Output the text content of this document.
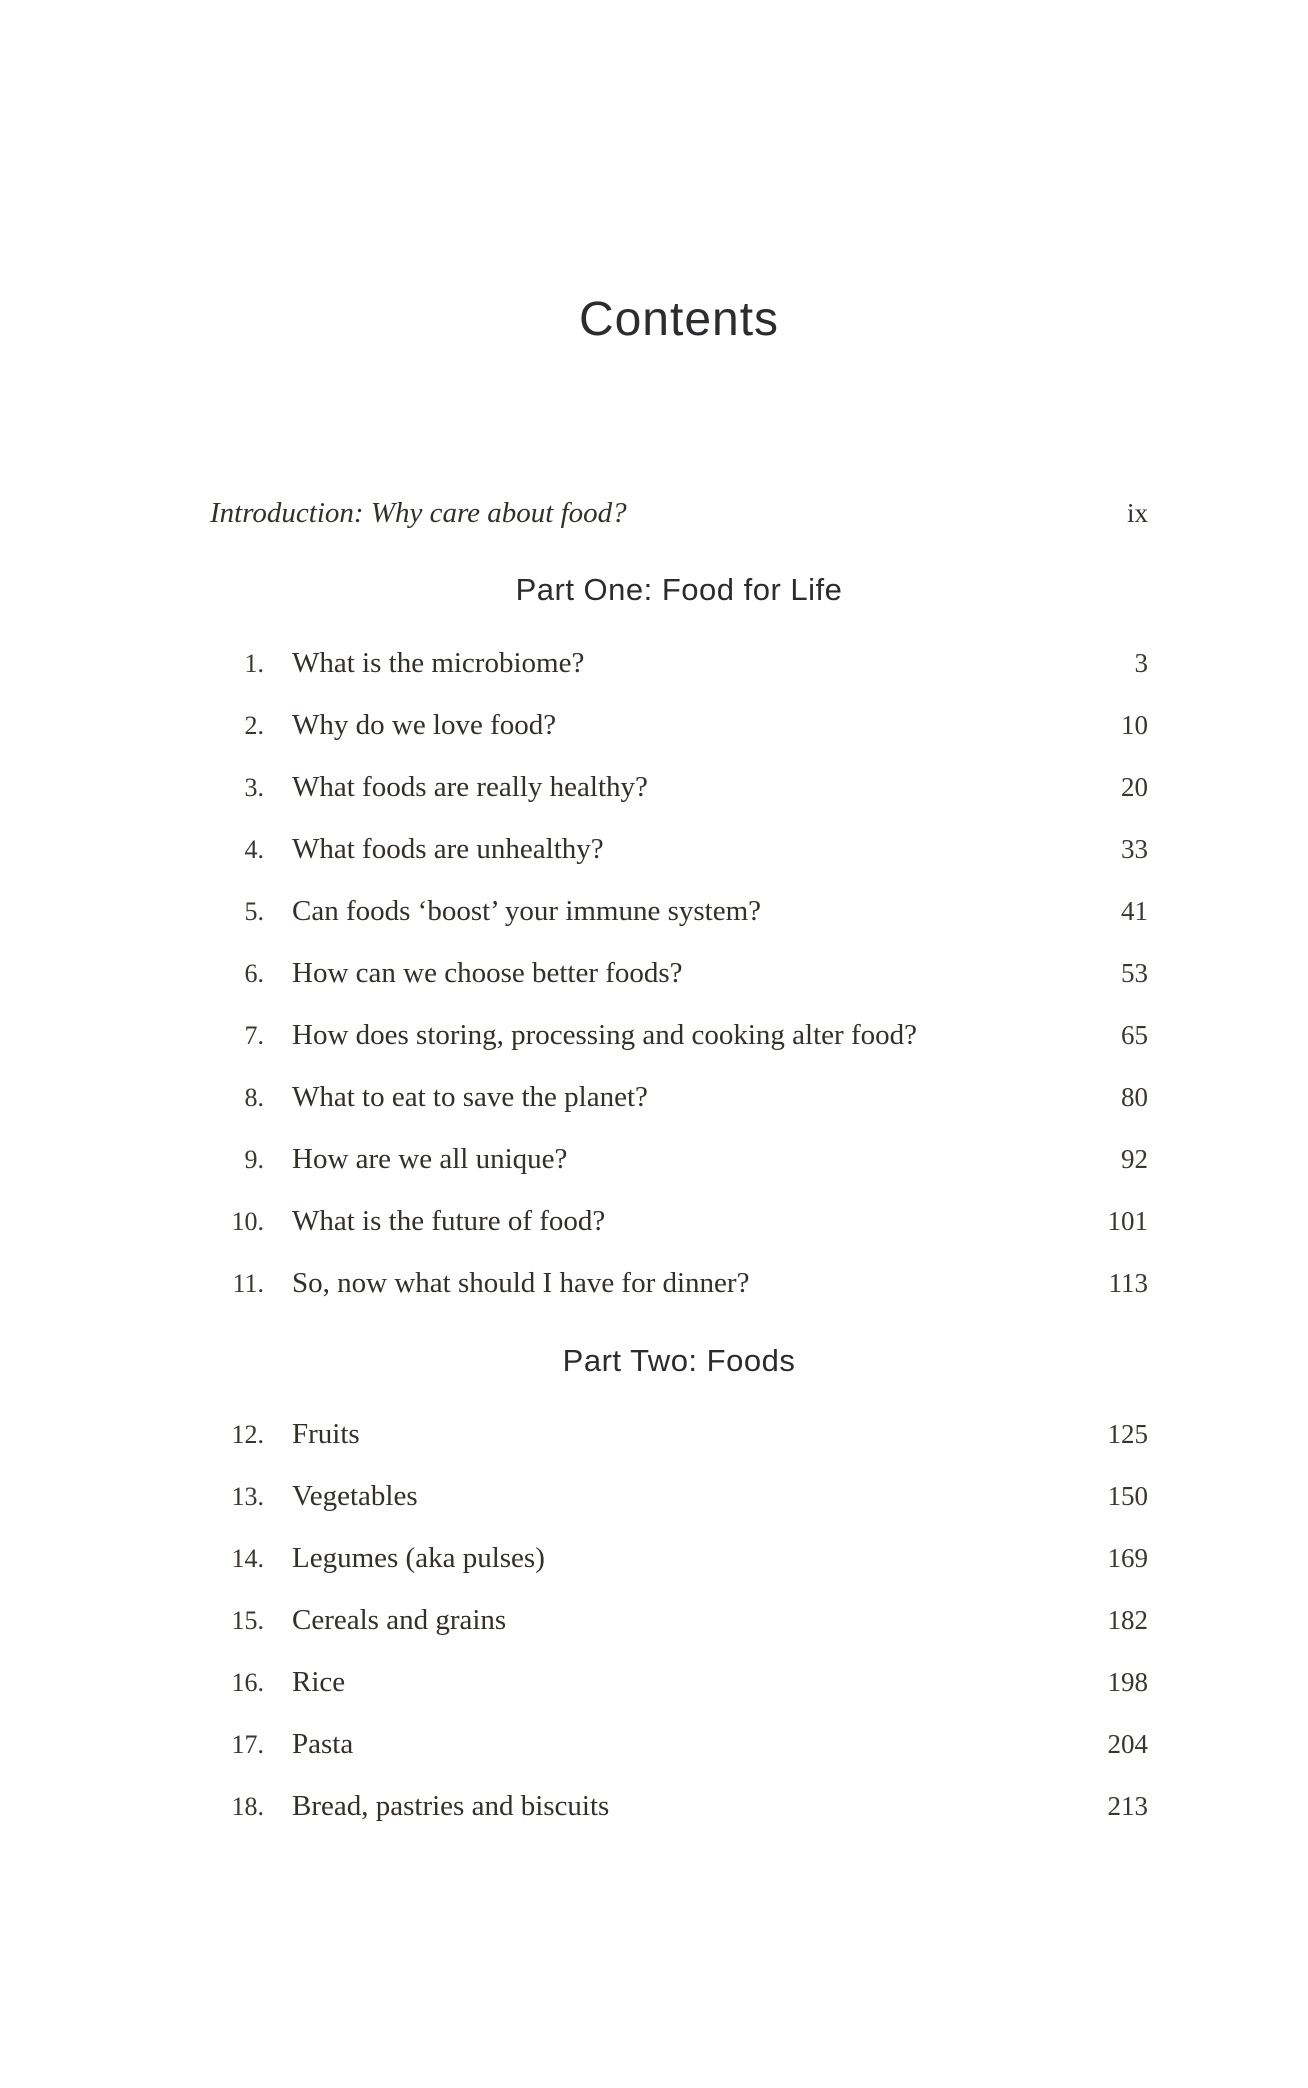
Contents
Introduction: Why care about food?	ix
Part One: Food for Life
1. What is the microbiome?	3
2. Why do we love food?	10
3. What foods are really healthy?	20
4. What foods are unhealthy?	33
5. Can foods ‘boost’ your immune system?	41
6. How can we choose better foods?	53
7. How does storing, processing and cooking alter food?	65
8. What to eat to save the planet?	80
9. How are we all unique?	92
10. What is the future of food?	101
11. So, now what should I have for dinner?	113
Part Two: Foods
12. Fruits	125
13. Vegetables	150
14. Legumes (aka pulses)	169
15. Cereals and grains	182
16. Rice	198
17. Pasta	204
18. Bread, pastries and biscuits	213
